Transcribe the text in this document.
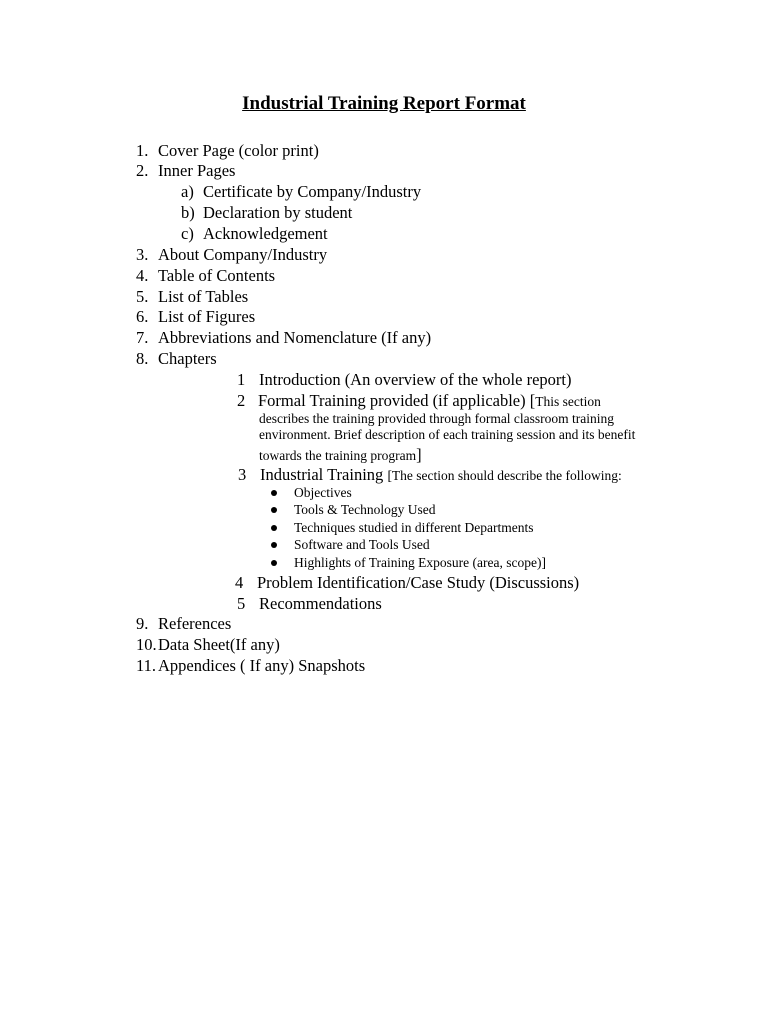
Industrial Training Report Format
1. Cover Page (color print)
2. Inner Pages
a) Certificate by Company/Industry
b) Declaration by student
c) Acknowledgement
3. About Company/Industry
4. Table of Contents
5. List of Tables
6. List of Figures
7. Abbreviations and Nomenclature (If any)
8. Chapters
1 Introduction (An overview of the whole report)
2 Formal Training provided (if applicable) [This section
describes the training provided through formal classroom training
environment. Brief description of each training session and its benefit
towards the training program]
3 Industrial Training [The section should describe the following:
Objectives
Tools & Technology Used
Techniques studied in different Departments
Software and Tools Used
Highlights of Training Exposure (area, scope)]
4 Problem Identification/Case Study (Discussions)
5 Recommendations
9. References
10. Data Sheet(If any)
11. Appendices ( If any) Snapshots
